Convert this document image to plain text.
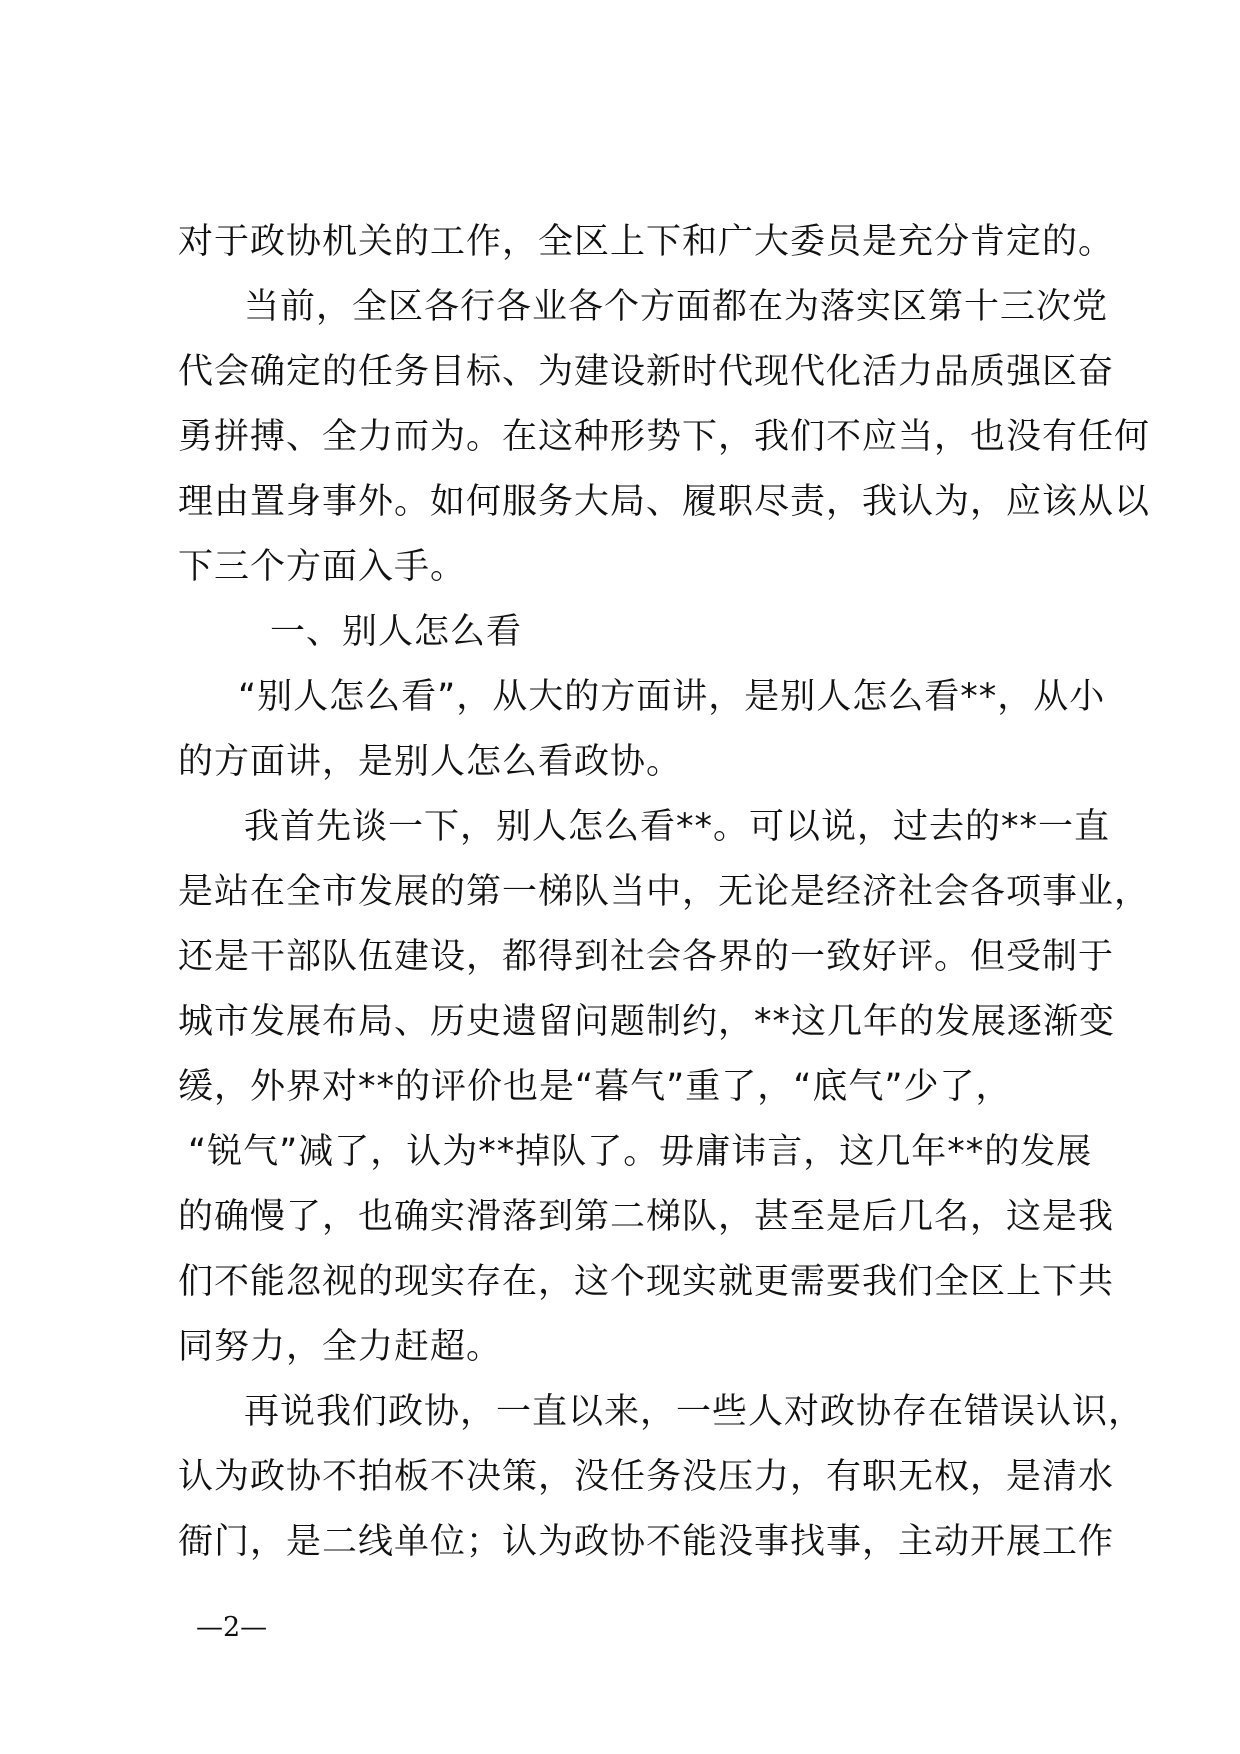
对于政协机关的工作，全区上下和广大委员是充分肯定的。
当前，全区各行各业各个方面都在为落实区第十三次党
代会确定的任务目标、为建设新时代现代化活力品质强区奋
勇拼搏、全力而为。在这种形势下，我们不应当，也没有任何
理由置身事外。如何服务大局、履职尽责，我认为，应该从以
下三个方面入手。
一、别人怎么看
“别人怎么看”，从大的方面讲，是别人怎么看**，从小
的方面讲，是别人怎么看政协。
我首先谈一下，别人怎么看**。可以说，过去的**一直
是站在全市发展的第一梯队当中，无论是经济社会各项事业，
还是干部队伍建设，都得到社会各界的一致好评。但受制于
城市发展布局、历史遗留问题制约，**这几年的发展逐渐变
缓，外界对**的评价也是“暮气”重了，“底气”少了，
“锐气”减了，认为**掉队了。毋庸讳言，这几年**的发展
的确慢了，也确实滑落到第二梯队，甚至是后几名，这是我
们不能忽视的现实存在，这个现实就更需要我们全区上下共
同努力，全力赶超。
再说我们政协，一直以来，一些人对政协存在错误认识，
认为政协不拍板不决策，没任务没压力，有职无权，是清水
衙门，是二线单位；认为政协不能没事找事，主动开展工作
—2—
